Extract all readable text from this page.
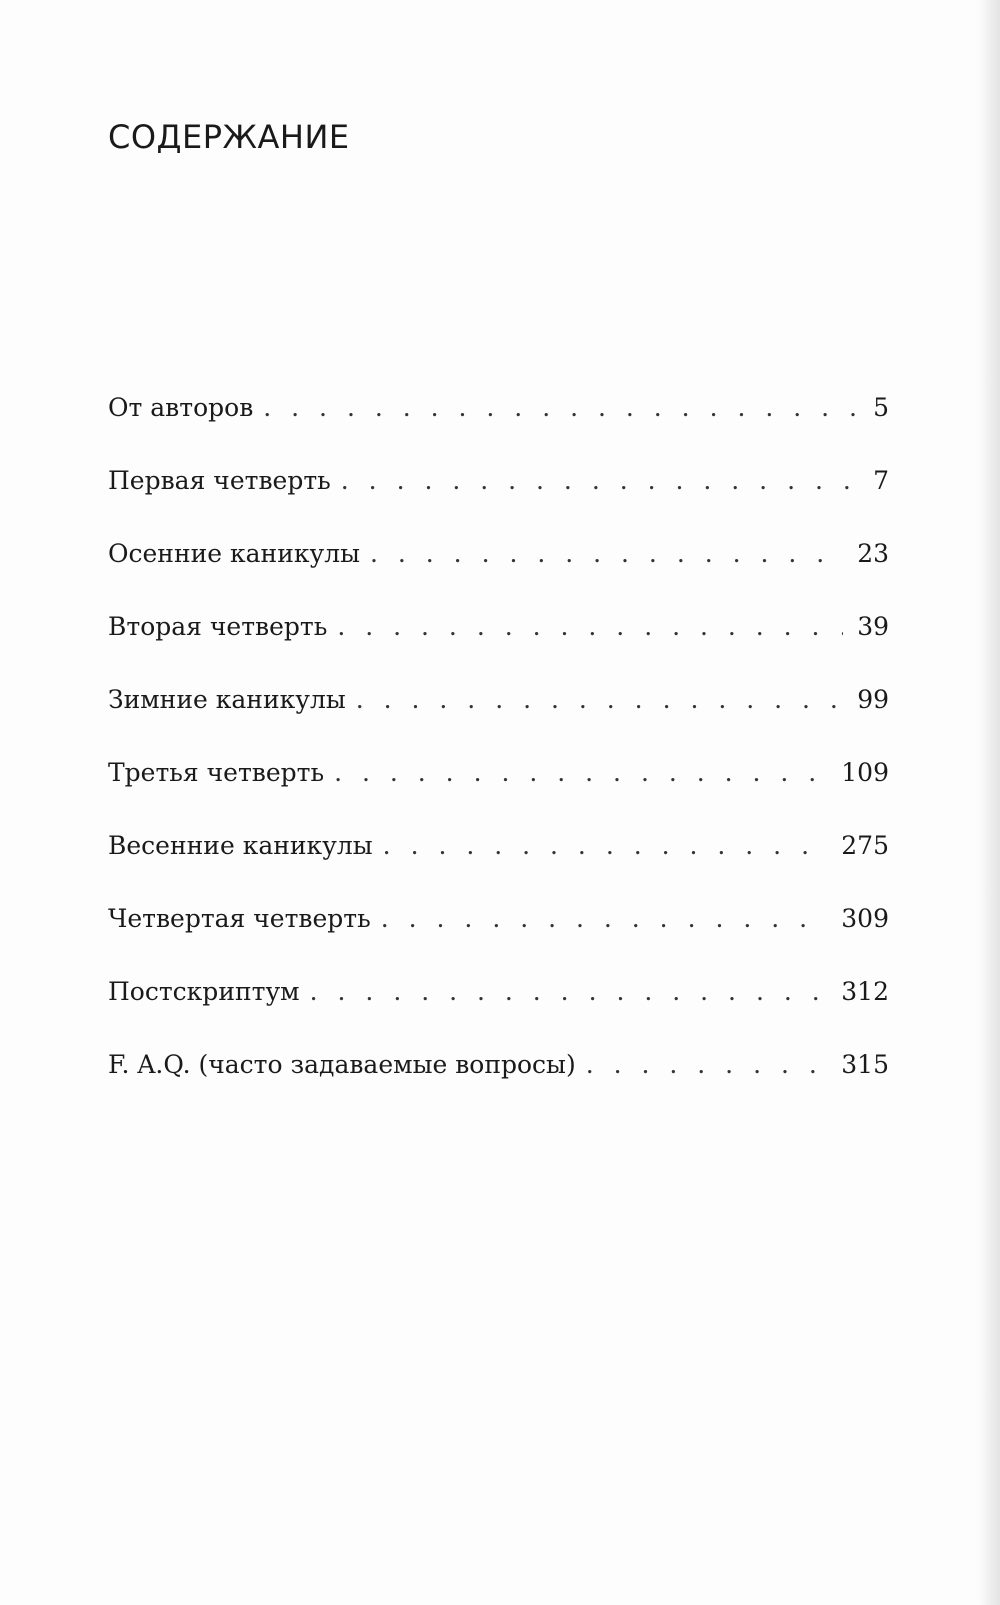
СОДЕРЖАНИЕ
От авторов . . .	5
Первая четверть . . .	7
Осенние каникулы . . .	23
Вторая четверть . . .	39
Зимние каникулы . . .	99
Третья четверть . . .	109
Весенние каникулы . . .	275
Четвертая четверть . . .	309
Постскриптум . . .	312
F. A.Q. (часто задаваемые вопросы) . . .	315
